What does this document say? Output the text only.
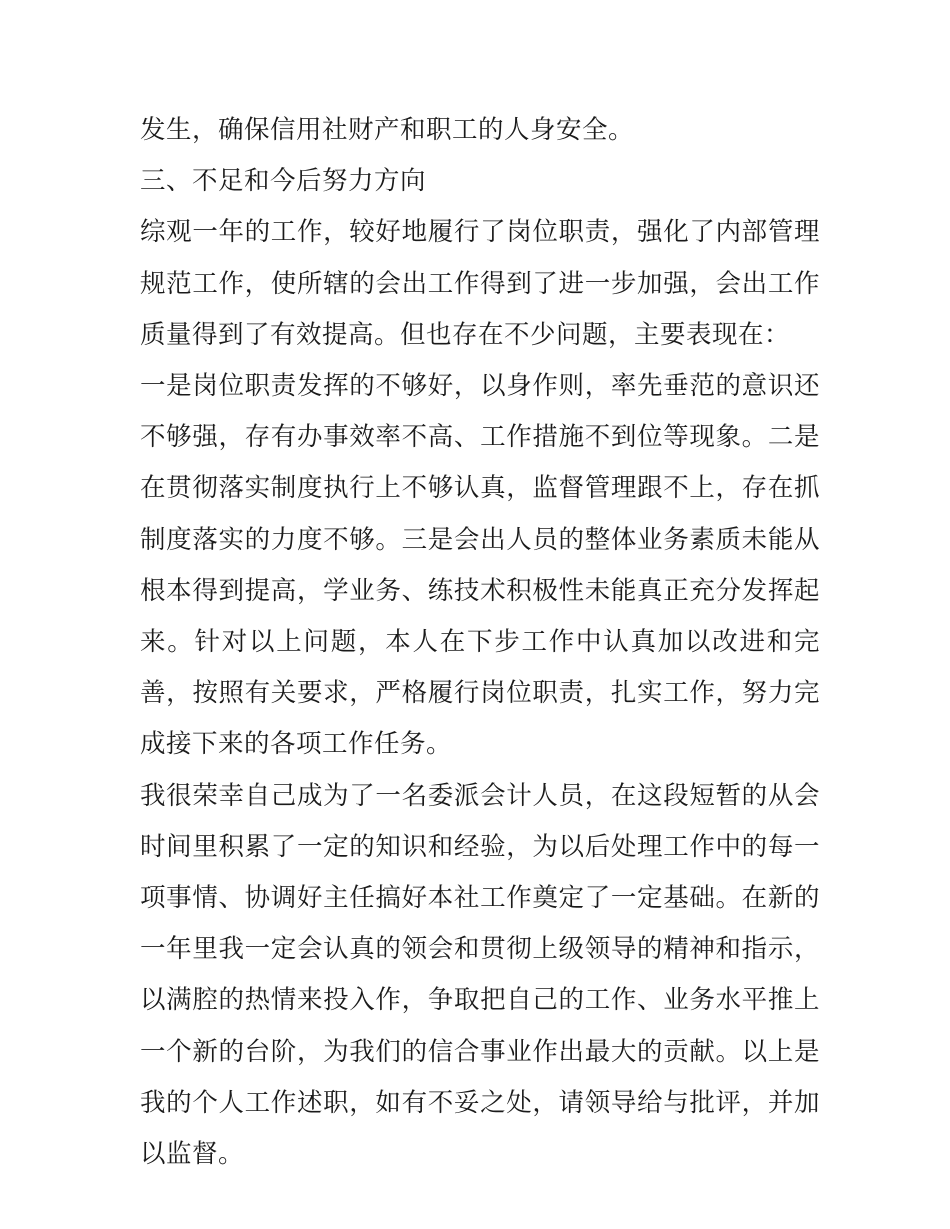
发生，确保信用社财产和职工的人身安全。

三、不足和今后努力方向

综观一年的工作，较好地履行了岗位职责，强化了内部管理规范工作，使所辖的会出工作得到了进一步加强，会出工作质量得到了有效提高。但也存在不少问题，主要表现在：

一是岗位职责发挥的不够好，以身作则，率先垂范的意识还不够强，存有办事效率不高、工作措施不到位等现象。二是在贯彻落实制度执行上不够认真，监督管理跟不上，存在抓制度落实的力度不够。三是会出人员的整体业务素质未能从根本得到提高，学业务、练技术积极性未能真正充分发挥起来。针对以上问题，本人在下步工作中认真加以改进和完善，按照有关要求，严格履行岗位职责，扎实工作，努力完成接下来的各项工作任务。

我很荣幸自己成为了一名委派会计人员，在这段短暂的从会时间里积累了一定的知识和经验，为以后处理工作中的每一项事情、协调好主任搞好本社工作奠定了一定基础。在新的一年里我一定会认真的领会和贯彻上级领导的精神和指示，以满腔的热情来投入作，争取把自己的工作、业务水平推上一个新的台阶，为我们的信合事业作出最大的贡献。以上是我的个人工作述职，如有不妥之处，请领导给与批评，并加以监督。
